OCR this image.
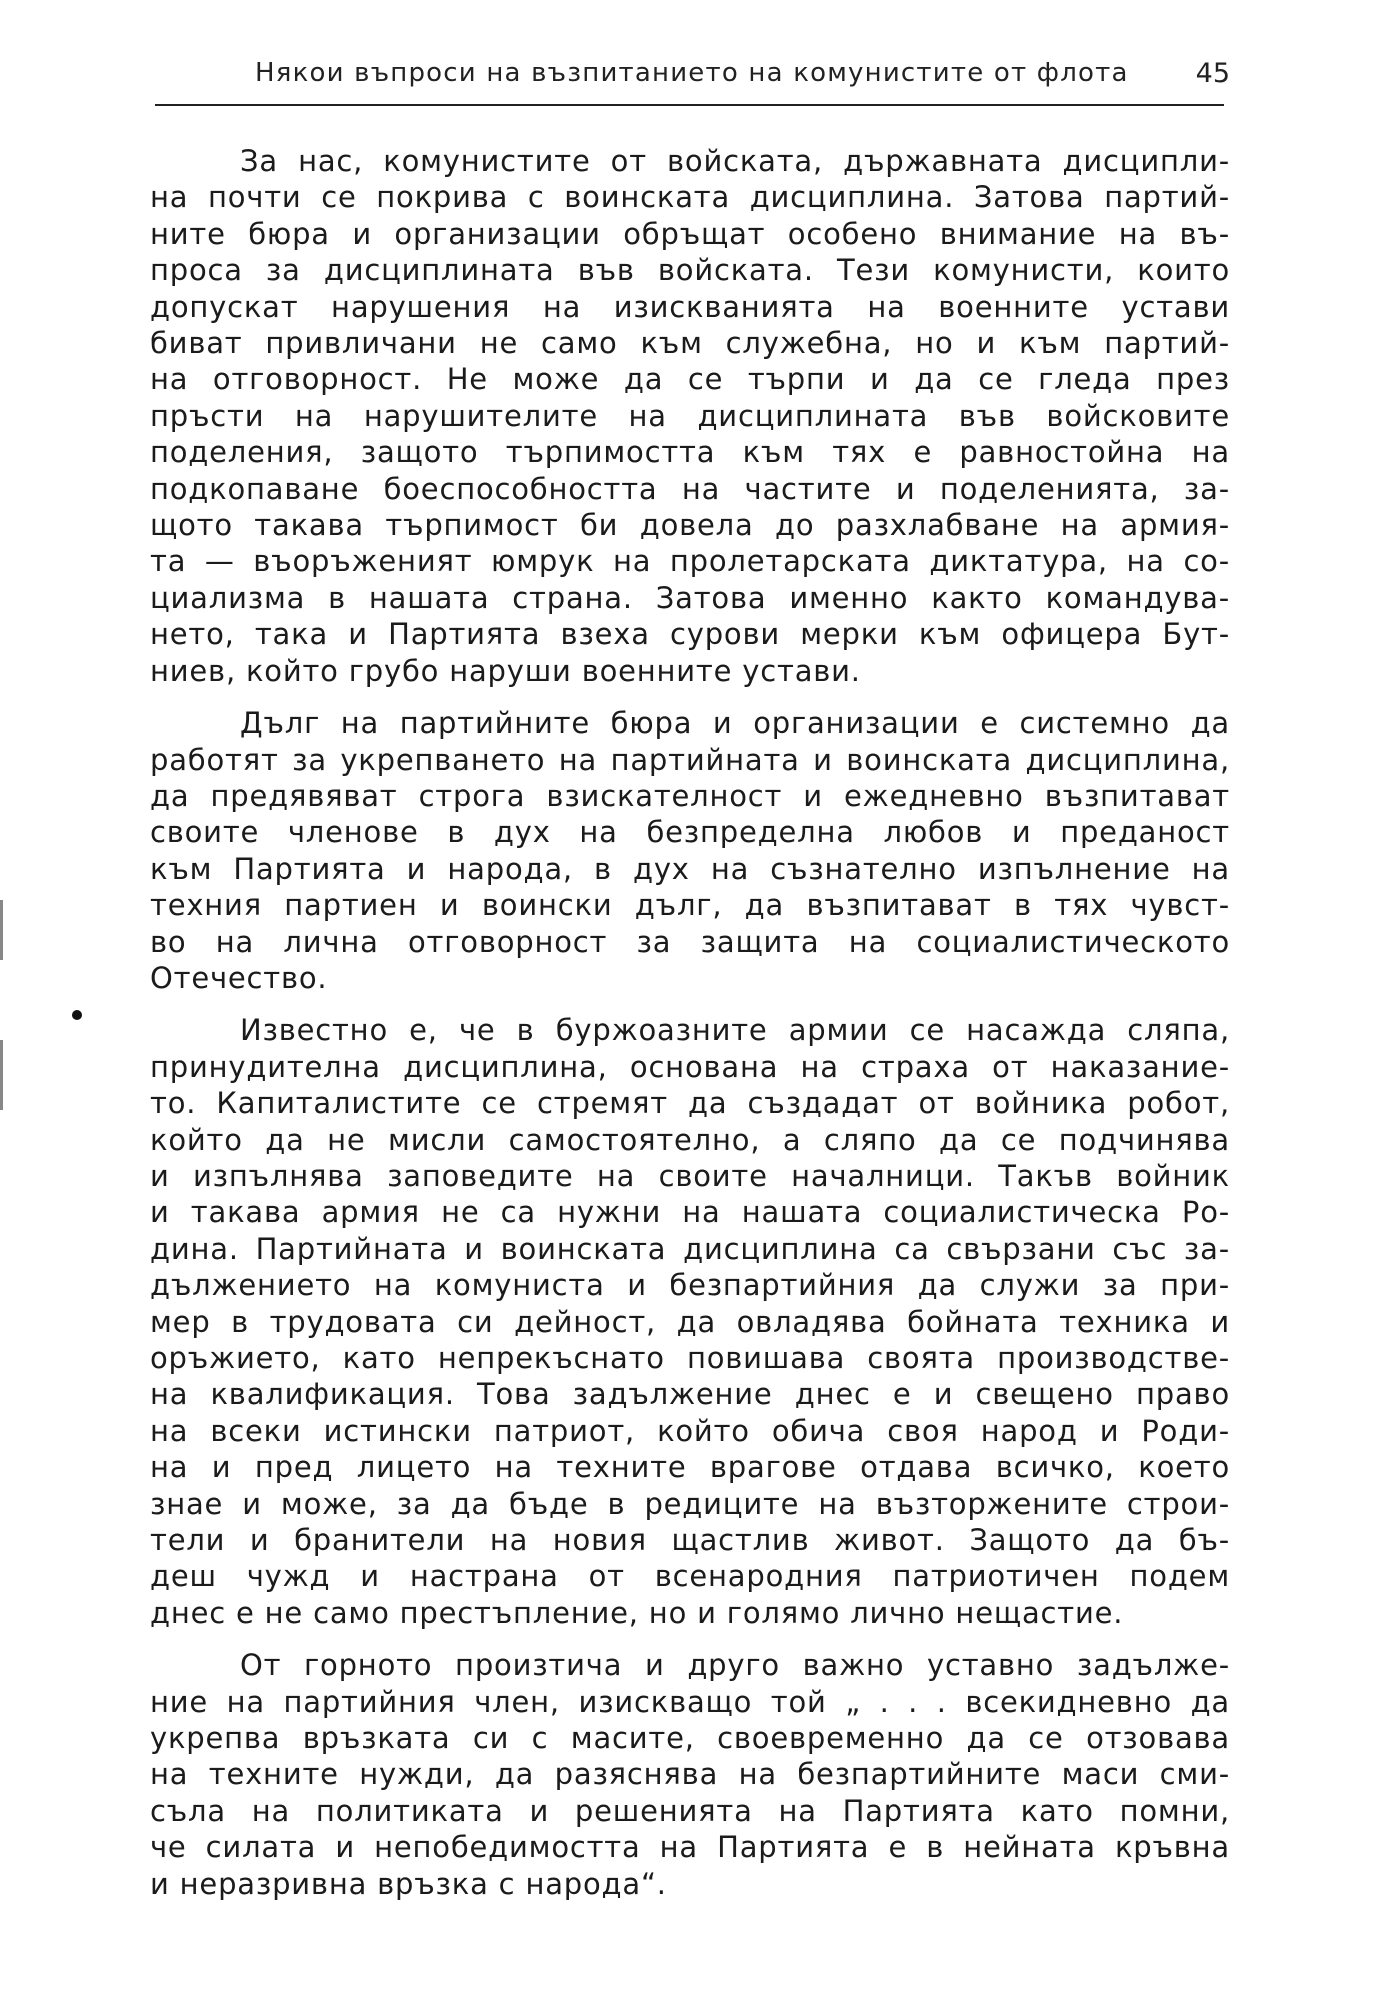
Някои въпроси на възпитанието на комунистите от флота 45

За нас, комунистите от войската, държавната дисципли-
на почти се покрива с воинската дисциплина. Затова партий-
ните бюра и организации обръщат особено внимание на въ-
проса за дисциплината във войската. Тези комунисти, които
допускат нарушения на изискванията на военните устави
биват привличани не само към служебна, но и към партий-
на отговорност. Не може да се търпи и да се гледа през
пръсти на нарушителите на дисциплината във войсковите
поделения, защото търпимостта към тях е равностойна на
подкопаване боеспособността на частите и поделенията, за-
щото такава търпимост би довела до разхлабване на армия-
та — въоръженият юмрук на пролетарската диктатура, на со-
циализма в нашата страна. Затова именно както командува-
нето, така и Партията взеха сурови мерки към офицера Бут-
ниев, който грубо наруши военните устави.

Дълг на партийните бюра и организации е системно да
работят за укрепването на партийната и воинската дисциплина,
да предявяват строга взискателност и ежедневно възпитават
своите членове в дух на безпределна любов и преданост
към Партията и народа, в дух на съзнателно изпълнение на
техния партиен и воински дълг, да възпитават в тях чувст-
во на лична отговорност за защита на социалистическото
Отечество.

Известно е, че в буржоазните армии се насажда сляпа,
принудителна дисциплина, основана на страха от наказание-
то. Капиталистите се стремят да създадат от войника робот,
който да не мисли самостоятелно, а сляпо да се подчинява
и изпълнява заповедите на своите началници. Такъв войник
и такава армия не са нужни на нашата социалистическа Ро-
дина. Партийната и воинската дисциплина са свързани със за-
дължението на комуниста и безпартийния да служи за при-
мер в трудовата си дейност, да овладява бойната техника и
оръжието, като непрекъснато повишава своята производстве-
на квалификация. Това задължение днес е и свещено право
на всеки истински патриот, който обича своя народ и Роди-
на и пред лицето на техните врагове отдава всичко, което
знае и може, за да бъде в редиците на възторжените строи-
тели и бранители на новия щастлив живот. Защото да бъ-
деш чужд и настрана от всенародния патриотичен подем
днес е не само престъпление, но и голямо лично нещастие.

От горното произтича и друго важно уставно задълже-
ние на партийния член, изискващо той „ . . . всекидневно да
укрепва връзката си с масите, своевременно да се отзовава
на техните нужди, да разяснява на безпартийните маси сми-
съла на политиката и решенията на Партията като помни,
че силата и непобедимостта на Партията е в нейната кръвна
и неразривна връзка с народа“.
